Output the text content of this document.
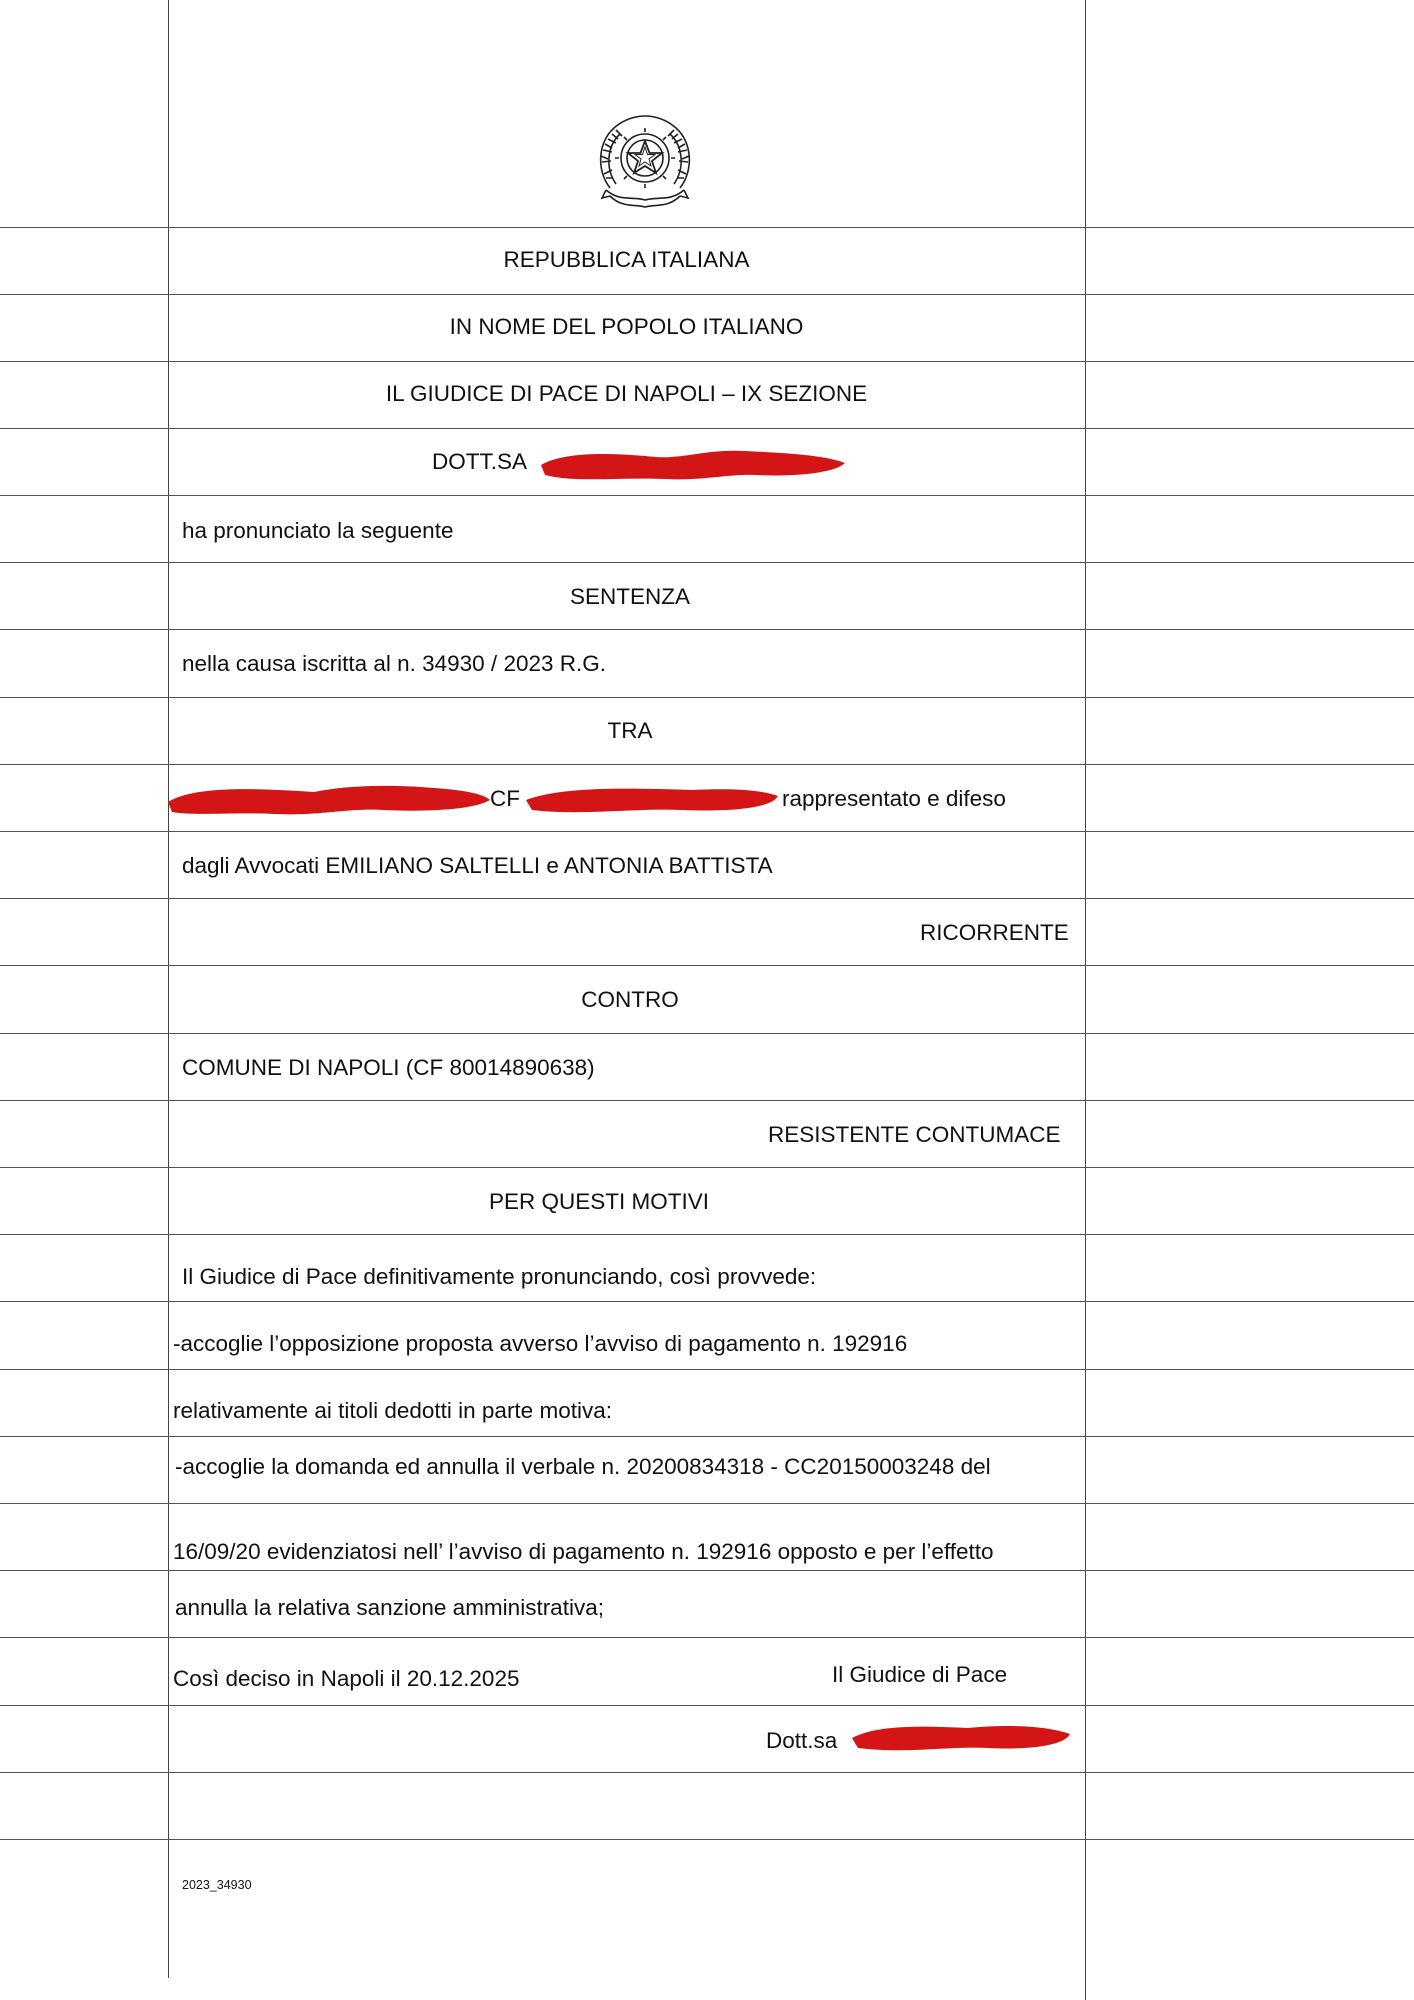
REPUBBLICA ITALIANA
IN NOME DEL POPOLO ITALIANO
IL GIUDICE DI PACE DI NAPOLI – IX SEZIONE
DOTT.SA
ha pronunciato la seguente
SENTENZA
nella causa iscritta al n. 34930 / 2023 R.G.
TRA
CF	rappresentato e difeso
dagli Avvocati EMILIANO SALTELLI e ANTONIA BATTISTA
RICORRENTE
CONTRO
COMUNE DI NAPOLI (CF 80014890638)
RESISTENTE CONTUMACE
PER QUESTI MOTIVI
Il Giudice di Pace definitivamente pronunciando, così provvede:
-accoglie l’opposizione proposta avverso l’avviso di pagamento n. 192916
relativamente ai titoli dedotti in parte motiva:
-accoglie la domanda ed annulla il verbale n. 20200834318 - CC20150003248 del
16/09/20 evidenziatosi nell’ l’avviso di pagamento n. 192916 opposto e per l’effetto
annulla la relativa sanzione amministrativa;
Così deciso in Napoli il 20.12.2025	Il Giudice di Pace
Dott.sa
2023_34930
